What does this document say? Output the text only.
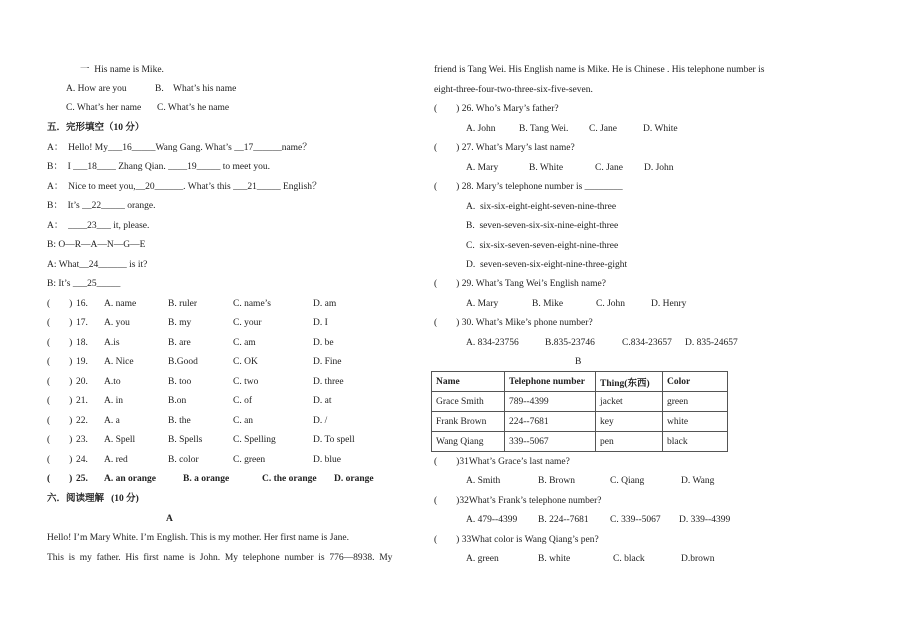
一  His name is Mike.
A. How are you	B.    What’s his name
C. What’s her name C. What’s he name
五．完形填空（10 分）
A：  Hello! My___16_____Wang Gang. What’s __17______name？
B：  I ___18____ Zhang Qian. ____19_____ to meet you.
A：  Nice to meet you,__20______. What’s this ___21_____ English？
B：  It’s __22_____ orange.
A：  ____23___ it, please.
B: O—R—A—N—G—E
A: What__24______ is it?
B: It’s ___25_____
(        ) 16. A. name	B. ruler	C. name’s	D. am
(        ) 17. A. you	B. my	C. your	D. I
(        ) 18. A.is	B. are	C. am	D. be
(        ) 19. A. Nice	B.Good	C. OK	D. Fine
(        ) 20. A.to	B. too	C. two	D. three
(        ) 21. A. in	B.on	C. of	D. at
(        ) 22. A. a	B. the	C. an	D. /
(        ) 23. A. Spell	B. Spells	C. Spelling	D. To spell
(        ) 24. A. red	B. color	C. green	D. blue
(        ) 25. A. an orange	B. a orange	C. the orange D. orange
六．阅读理解   (10 分)
A
Hello! I’m Mary White. I’m English. This is my mother. Her first name is Jane.
This  is  my  father.  His  first  name  is  John.  My  telephone  number  is  776—8938.  My
friend is Tang Wei. His English name is Mike. He is Chinese . His telephone number is
eight-three-four-two-three-six-five-seven.
(        ) 26. Who’s Mary’s father?
A. John B. Tang Wei. C. Jane	D. White
(        ) 27. What’s Mary’s last name?
A. Mary	B. White	C. Jane D. John
(        ) 28. Mary’s telephone number is ________
A.  six-six-eight-eight-seven-nine-three
B.  seven-seven-six-six-nine-eight-three
C.  six-six-seven-seven-eight-nine-three
D.  seven-seven-six-eight-nine-three-gight
(        ) 29. What’s Tang Wei’s English name?
A. Mary	B. Mike	C. John	D. Henry
(        ) 30. What’s Mike’s phone number?
A. 834-23756	B.835-23746	C.834-23657 D. 835-24657
B
Name	Telephone number	Thing(东西)	Color
Grace Smith	789--4399	jacket	green
Frank Brown	224--7681	key	white
Wang Qiang	339--5067	pen	black
(        )31What’s Grace’s last name?
A. Smith	B. Brown	C. Qiang	D. Wang
(        )32What’s Frank’s telephone number?
A. 479--4399 B. 224--7681 C. 339--5067 D. 339--4399
(        ) 33What color is Wang Qiang’s pen?
A. green	B. white	C. black	D.brown
